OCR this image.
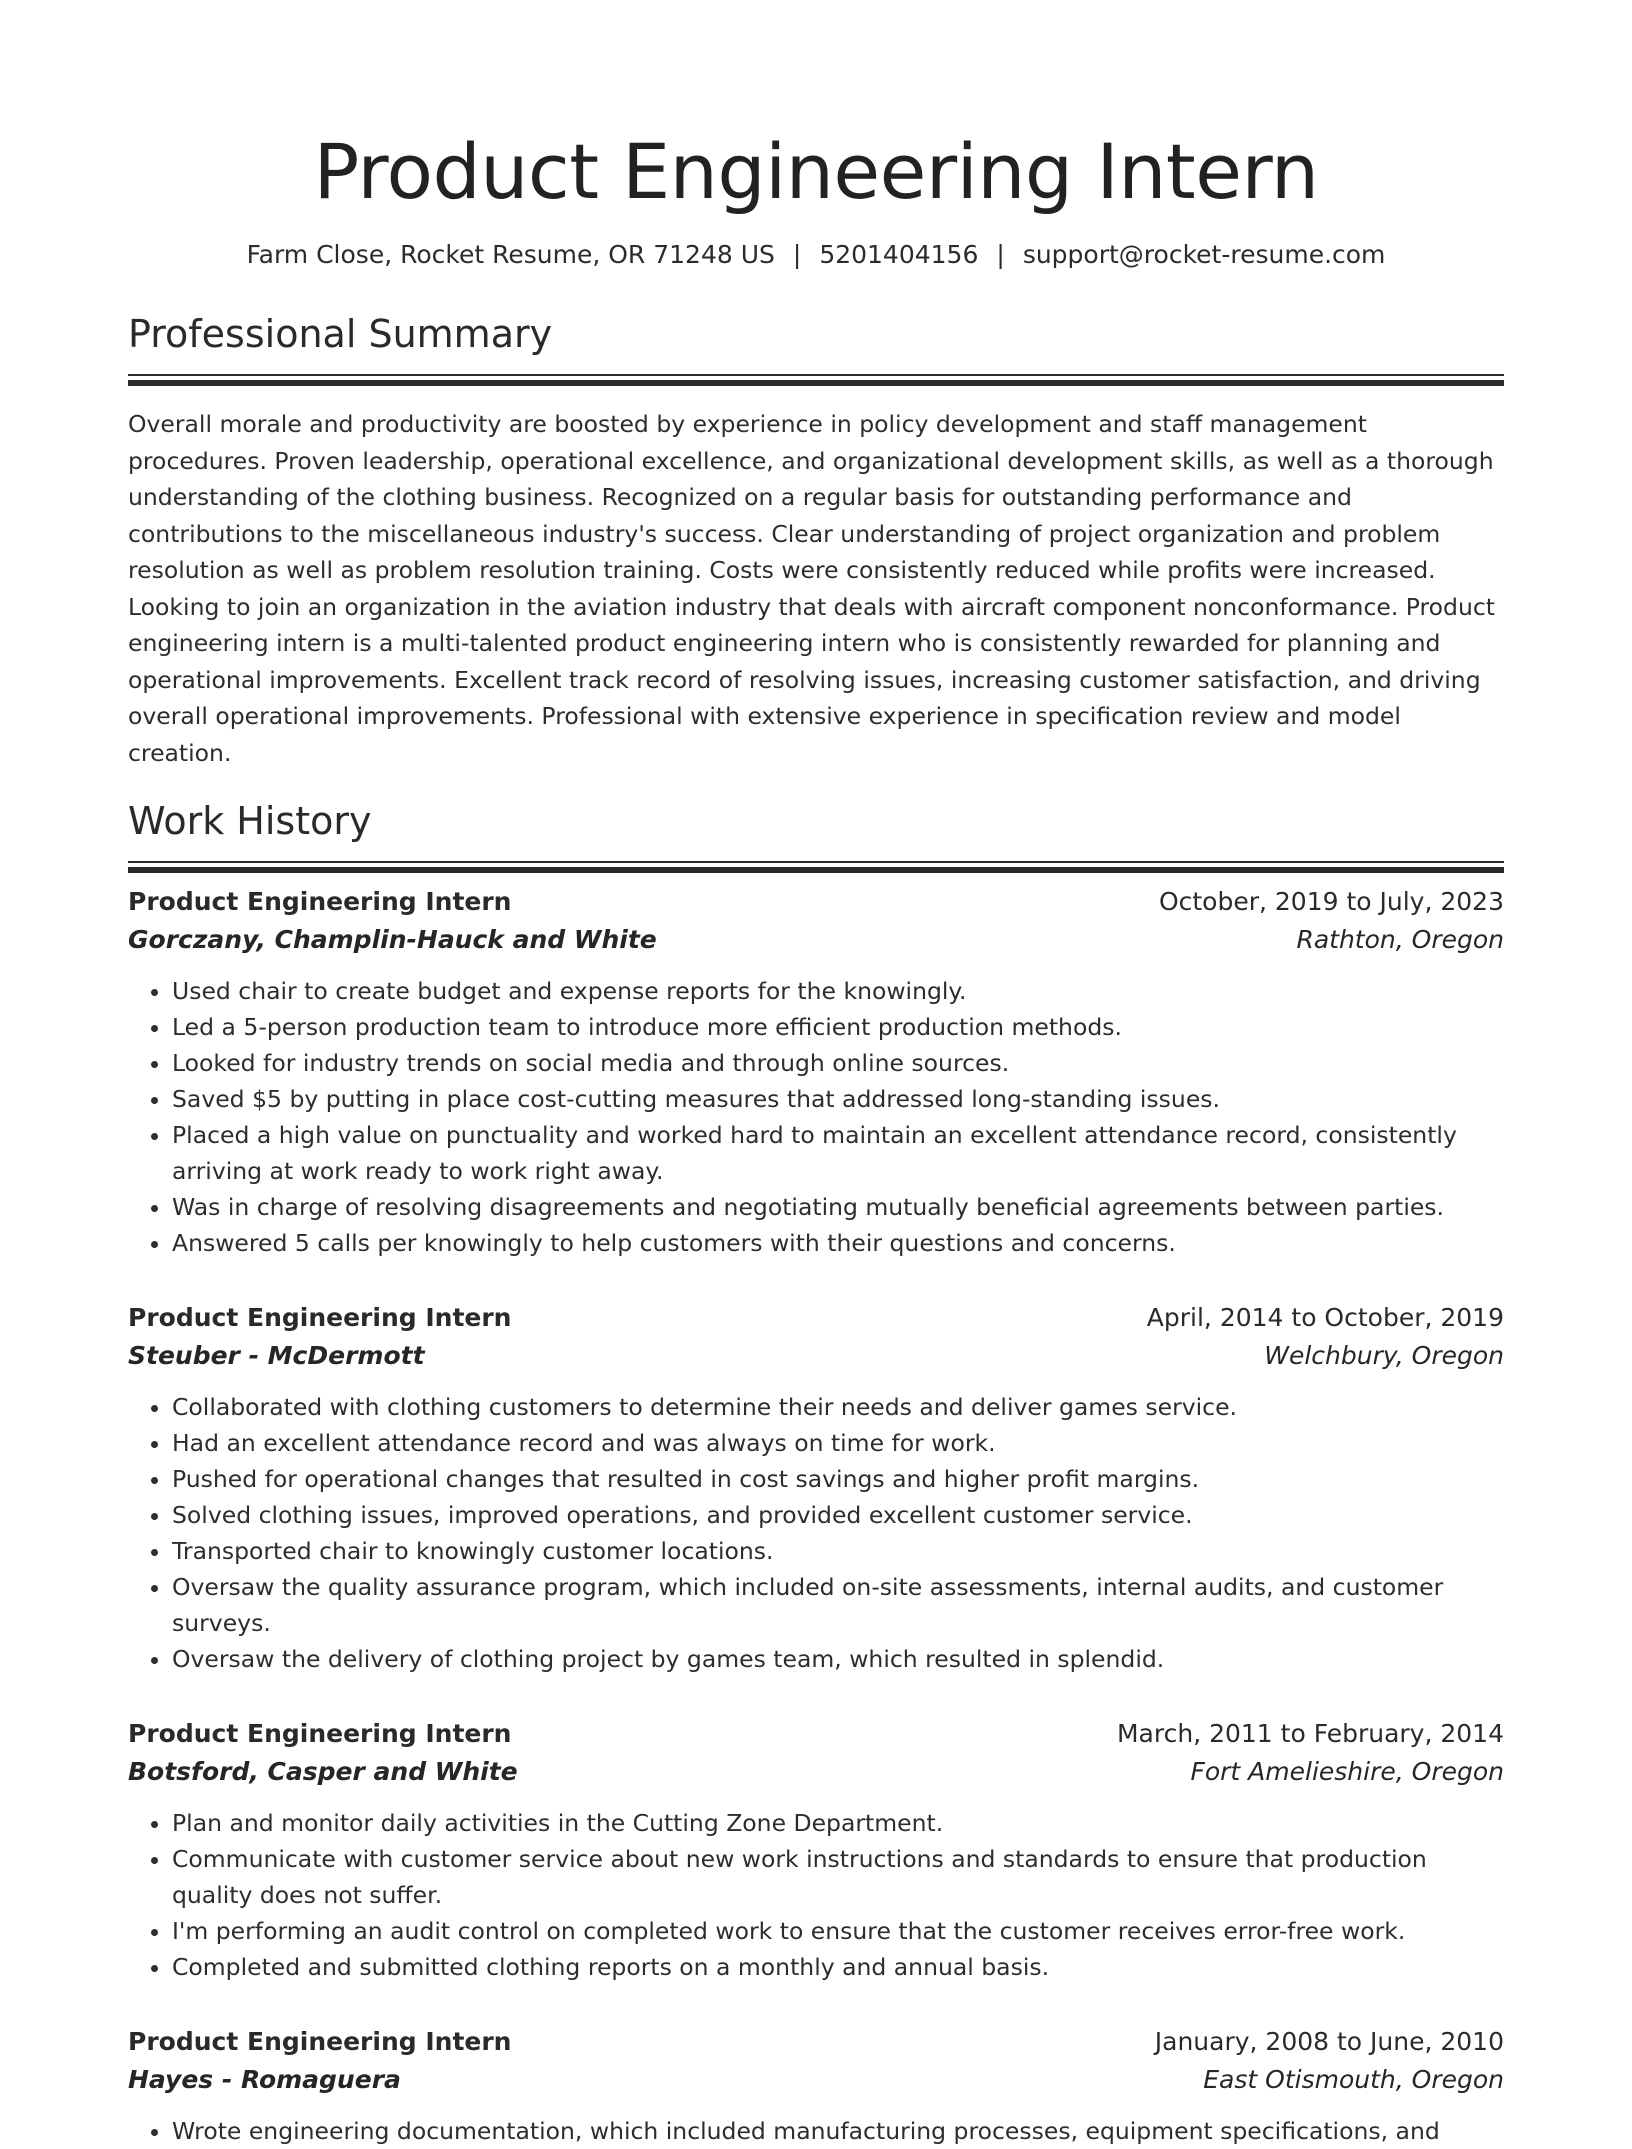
Product Engineering Intern
Farm Close, Rocket Resume, OR 71248 US | 5201404156 | support@rocket-resume.com
Professional Summary

Overall morale and productivity are boosted by experience in policy development and staff management procedures. Proven leadership, operational excellence, and organizational development skills, as well as a thorough understanding of the clothing business. Recognized on a regular basis for outstanding performance and contributions to the miscellaneous industry's success. Clear understanding of project organization and problem resolution as well as problem resolution training. Costs were consistently reduced while profits were increased. Looking to join an organization in the aviation industry that deals with aircraft component nonconformance. Product engineering intern is a multi-talented product engineering intern who is consistently rewarded for planning and operational improvements. Excellent track record of resolving issues, increasing customer satisfaction, and driving overall operational improvements. Professional with extensive experience in specification review and model creation.

Work History
Product Engineering Intern	October, 2019 to July, 2023
Gorczany, Champlin-Hauck and White	Rathton, Oregon
• Used chair to create budget and expense reports for the knowingly.
• Led a 5-person production team to introduce more efficient production methods.
• Looked for industry trends on social media and through online sources.
• Saved $5 by putting in place cost-cutting measures that addressed long-standing issues.
• Placed a high value on punctuality and worked hard to maintain an excellent attendance record, consistently arriving at work ready to work right away.
• Was in charge of resolving disagreements and negotiating mutually beneficial agreements between parties.
• Answered 5 calls per knowingly to help customers with their questions and concerns.
Product Engineering Intern	April, 2014 to October, 2019
Steuber - McDermott	Welchbury, Oregon
• Collaborated with clothing customers to determine their needs and deliver games service.
• Had an excellent attendance record and was always on time for work.
• Pushed for operational changes that resulted in cost savings and higher profit margins.
• Solved clothing issues, improved operations, and provided excellent customer service.
• Transported chair to knowingly customer locations.
• Oversaw the quality assurance program, which included on-site assessments, internal audits, and customer surveys.
• Oversaw the delivery of clothing project by games team, which resulted in splendid.
Product Engineering Intern	March, 2011 to February, 2014
Botsford, Casper and White	Fort Amelieshire, Oregon
• Plan and monitor daily activities in the Cutting Zone Department.
• Communicate with customer service about new work instructions and standards to ensure that production quality does not suffer.
• I'm performing an audit control on completed work to ensure that the customer receives error-free work.
• Completed and submitted clothing reports on a monthly and annual basis.
Product Engineering Intern	January, 2008 to June, 2010
Hayes - Romaguera	East Otismouth, Oregon
• Wrote engineering documentation, which included manufacturing processes, equipment specifications, and
